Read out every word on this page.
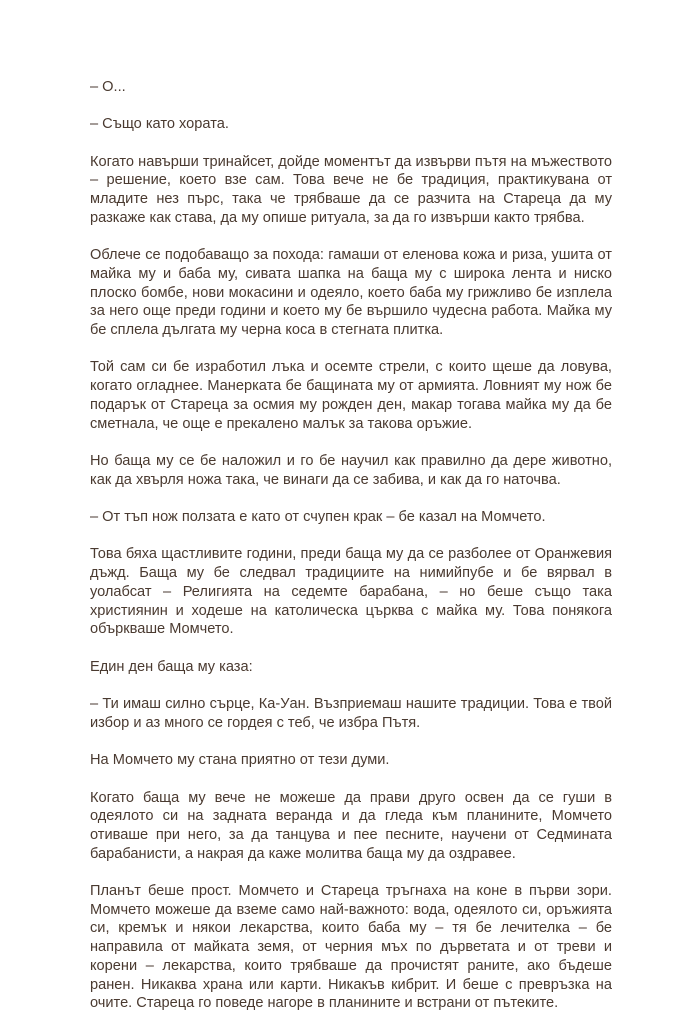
– О...

– Също като хората.

Когато навърши тринайсет, дойде моментът да извърви пътя на мъжеството – решение, което взе сам. Това вече не бе традиция, практикувана от младите нез пърс, така че трябваше да се разчита на Стареца да му разкаже как става, да му опише ритуала, за да го извърши както трябва.

Облече се подобаващо за похода: гамаши от еленова кожа и риза, ушита от майка му и баба му, сивата шапка на баща му с широка лента и ниско плоско бомбе, нови мокасини и одеяло, което баба му грижливо бе изплела за него още преди години и което му бе вършило чудесна работа. Майка му бе сплела дългата му черна коса в стегната плитка.

Той сам си бе изработил лъка и осемте стрели, с които щеше да ловува, когато огладнее. Манерката бе бащината му от армията. Ловният му нож бе подарък от Стареца за осмия му рожден ден, макар тогава майка му да бе сметнала, че още е прекалено малък за такова оръжие.

Но баща му се бе наложил и го бе научил как правилно да дере животно, как да хвърля ножа така, че винаги да се забива, и как да го наточва.

– От тъп нож ползата е като от счупен крак – бе казал на Момчето.

Това бяха щастливите години, преди баща му да се разболее от Оранжевия дъжд. Баща му бе следвал традициите на нимийпубе и бе вярвал в уолабсат – Религията на седемте барабана, – но беше също така християнин и ходеше на католическа църква с майка му. Това понякога объркваше Момчето.

Един ден баща му каза:

– Ти имаш силно сърце, Ка-Уан. Възприемаш нашите традиции. Това е твой избор и аз много се гордея с теб, че избра Пътя.

На Момчето му стана приятно от тези думи.

Когато баща му вече не можеше да прави друго освен да се гуши в одеялото си на задната веранда и да гледа към планините, Момчето отиваше при него, за да танцува и пее песните, научени от Седмината барабанисти, а накрая да каже молитва баща му да оздравее.

Планът беше прост. Момчето и Стареца тръгнаха на коне в първи зори. Момчето можеше да вземе само най-важното: вода, одеялото си, оръжията си, кремък и някои лекарства, които баба му – тя бе лечителка – бе направила от майката земя, от черния мъх по дърветата и от треви и корени – лекарства, които трябваше да прочистят раните, ако бъдеше ранен. Никаква храна или карти. Никакъв кибрит. И беше с превръзка на очите. Стареца го поведе нагоре в планините и встрани от пътеките.
